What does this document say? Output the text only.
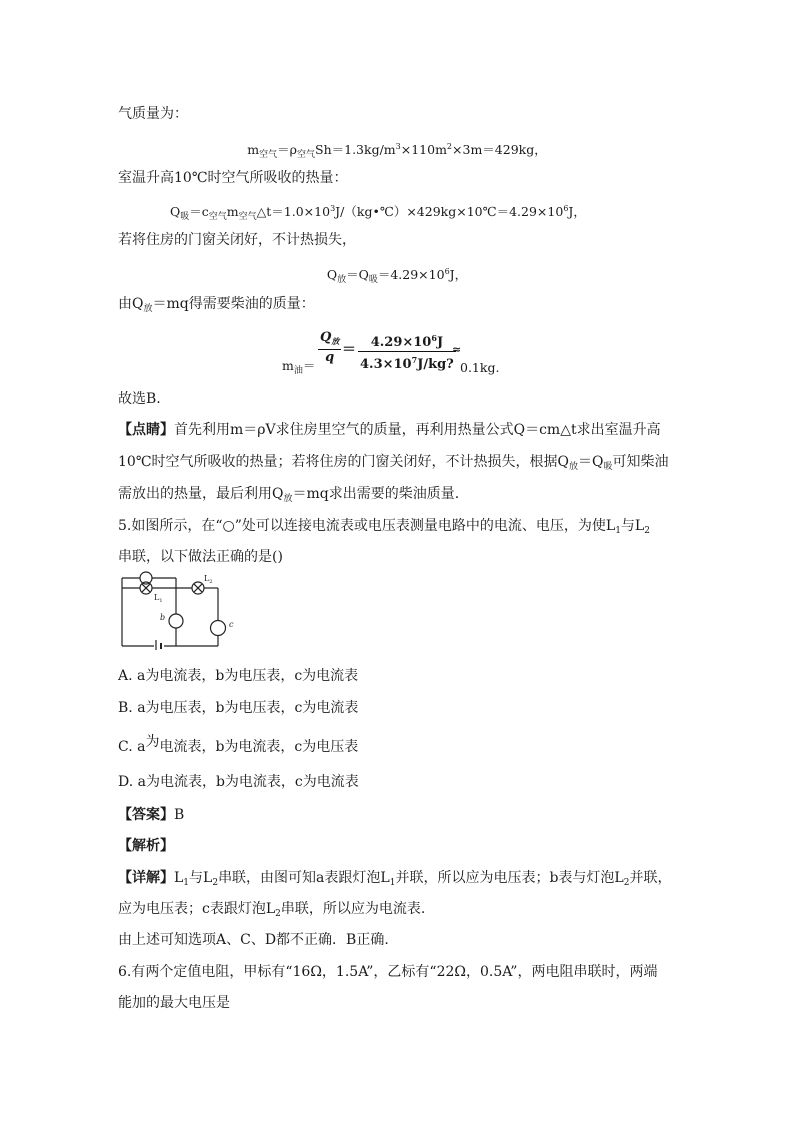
气质量为：
$m_{空气}=\rho_{空气}Sh=1.3kg/m^3\times 110m^2\times 3m=429kg$，
室温升高10℃时空气所吸收的热量：
$Q_吸=c_{空气}m_{空气}\triangle t=1.0\times 10^3J/(kg•℃)\times 429kg\times 10℃=4.29\times 10^6J$，
若将住房的门窗关闭好，不计热损失，
$Q_放=Q_吸=4.29\times 10^6J$，
由$Q_放=mq$得需要柴油的质量：
$m_油=$
$Q_放$
$q = 4.29\times 10^6J$
$4.3\times 10^7J/kg$?
≈
0.1kg.
故选B.
【点睛】首先利用m＝ρV求住房里空气的质量，再利用热量公式Q＝cm△t求出室温升高
10℃时空气所吸收的热量；若将住房的门窗关闭好，不计热损失，根据$Q_放=Q_吸$可知柴油
需放出的热量，最后利用$Q_放=mq$求出需要的柴油质量.
5.如图所示，在“○”处可以连接电流表或电压表测量电路中的电流、电压，为使$L_1$与$L_2$
串联，以下做法正确的是()
b
c
$L_1$
$L_2$
A. a为电流表，b为电压表，c为电流表
B. a为电压表，b为电压表，c为电流表
C. a为电流表，b为电流表，c为电压表
D. a为电流表，b为电流表，c为电流表
【答案】B
【解析】
【详解】$L_1$与$L_2$串联，由图可知a表跟灯泡$L_1$并联，所以应为电压表；b表与灯泡$L_2$并联，
应为电压表；c表跟灯泡$L_2$串联，所以应为电流表.
由上述可知选项A、C、D都不正确．B正确.
6.有两个定值电阻，甲标有“16Ω，1.5A”，乙标有“22Ω，0.5A”，两电阻串联时，两端
能加的最大电压是
